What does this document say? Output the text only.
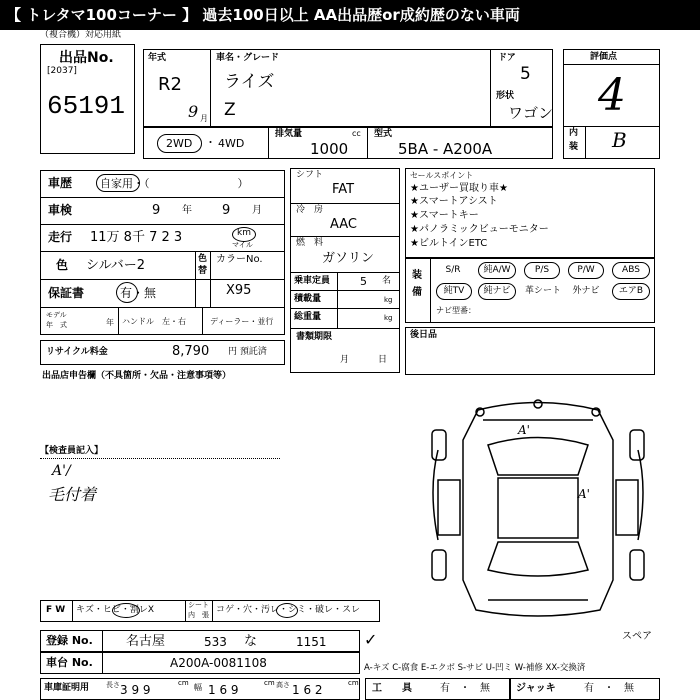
【 トレタマ100コーナー 】 過去100日以上 AA出品歴or成約歴のない車両
（複合機）対応用紙
出品No.
[2037]
65191
年式
R2
9 月
車名・グレード
ライズ
Z
ドア
5
形状
ワゴン
2WD ・ 4WD
排気量	cc
1000
型式
5BA - A200A
評価点
4
内
装 B
車歴	自家用・（　　　　　　　　）
車検	9 年 9 月
走行 11万 8千 7 2 3	km
マイル
色 シルバー2	色
替
カラーNo.
保証書	有・無	X95
モデル
年　式	年 ハンドル　左・右	ディーラー・並行
リサイクル料金	8,790 円 預託済
シフト
FAT
冷　房
AAC
燃　料
ガソリン
乗車定員	5 名
積載量	kg
総重量	kg
書類期限
月	日
セールスポイント
★ユーザー買取り車★
★スマートアシスト
★スマートキー
★パノラミックビューモニター
★ビルトインETC
装
備
S/R	純A/W	P/S	P/W	ABS
純TV	純ナビ	革シート	外ナビ	エアB
ナビ型番：
後日品
出品店申告欄（不具箇所・欠品・注意事項等）
【検査員記入】
A'/
毛付着
A'
A'
スペア
F W キズ・ヒビ・割レX	シート
内　張 コゲ・穴・汚レ・シミ・破レ・スレ
登録 No.	名古屋	533 な	1151 ✓
車台 No.	A200A-0081108	A-キズ C-腐食 E-エクボ S-サビ U-凹ミ W-補修 XX-交換済
車庫証明用 長さ 3 9 9	cm 幅 1 6 9	cm 高さ 1 6 2	cm 工　　具	有　・　無	ジャッキ	有　・　無
